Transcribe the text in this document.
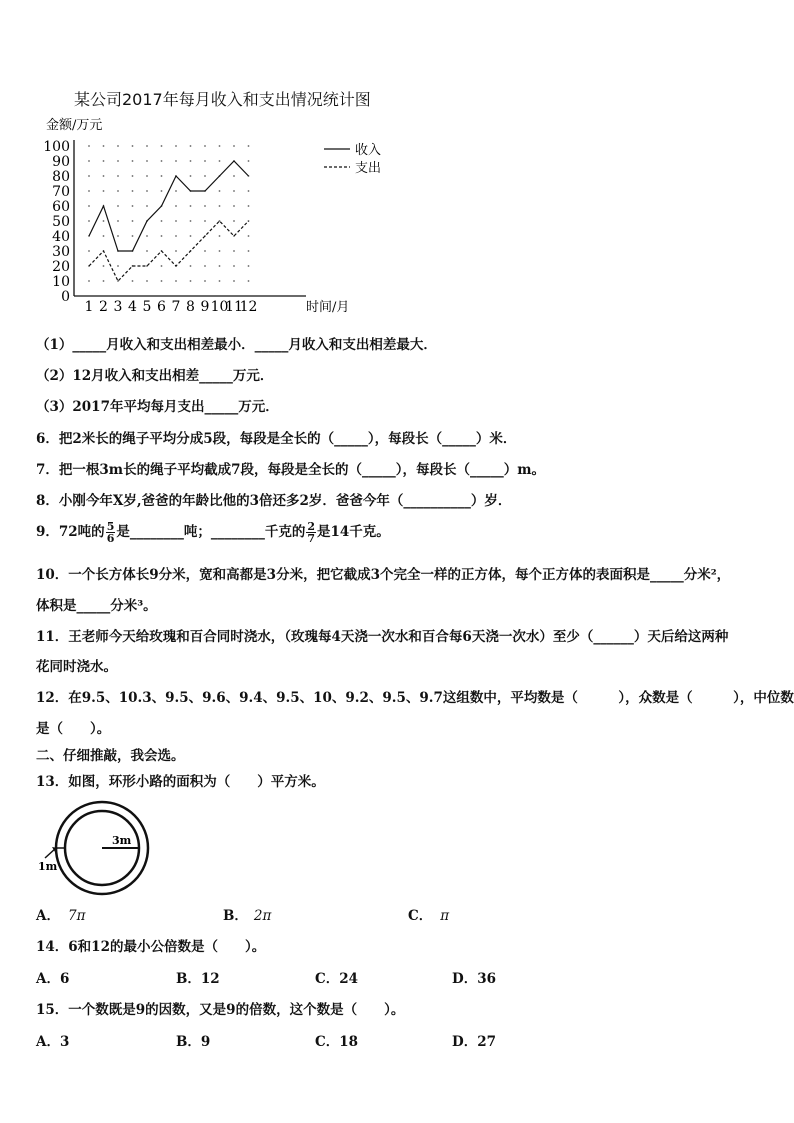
某公司2017年每月收入和支出情况统计图
金额/万元
0
10
20
30
40
50
60
70
80
90
100
1 2 3 4 5 6 7 8 9 10
11
12	时间/月
收入
支出
（1）_____月收入和支出相差最小．_____月收入和支出相差最大．
（2）12月收入和支出相差_____万元．
（3）2017年平均每月支出_____万元．
6．把2米长的绳子平均分成5段，每段是全长的（_____），每段长（_____）米．
7．把一根3m长的绳子平均截成7段，每段是全长的（_____），每段长（_____）m。
8．小刚今年X岁,爸爸的年龄比他的3倍还多2岁．爸爸今年（__________）岁．
9．72吨的 $\frac{5}{6}$ 是________吨；________千克的 $\frac{2}{7}$ 是14千克。
10．一个长方体长9分米，宽和高都是3分米，把它截成3个完全一样的正方体，每个正方体的表面积是_____分米²，
体积是_____分米³。
11．王老师今天给玫瑰和百合同时浇水，（玫瑰每4天浇一次水和百合每6天浇一次水）至少（______）天后给这两种
花同时浇水。
12．在9.5、10.3、9.5、9.6、9.4、9.5、10、9.2、9.5、9.7这组数中，平均数是（　　　），众数是（　　　），中位数
是（　　）。
二、仔细推敲，我会选。
13．如图，环形小路的面积为（　　）平方米。
3m
1m
A． 7π	B． 2π	C． π
14．6和12的最小公倍数是（　　）。
A．6	B．12	C．24	D．36
15．一个数既是9的因数，又是9的倍数，这个数是（　　）。
A．3	B．9	C．18	D．27
